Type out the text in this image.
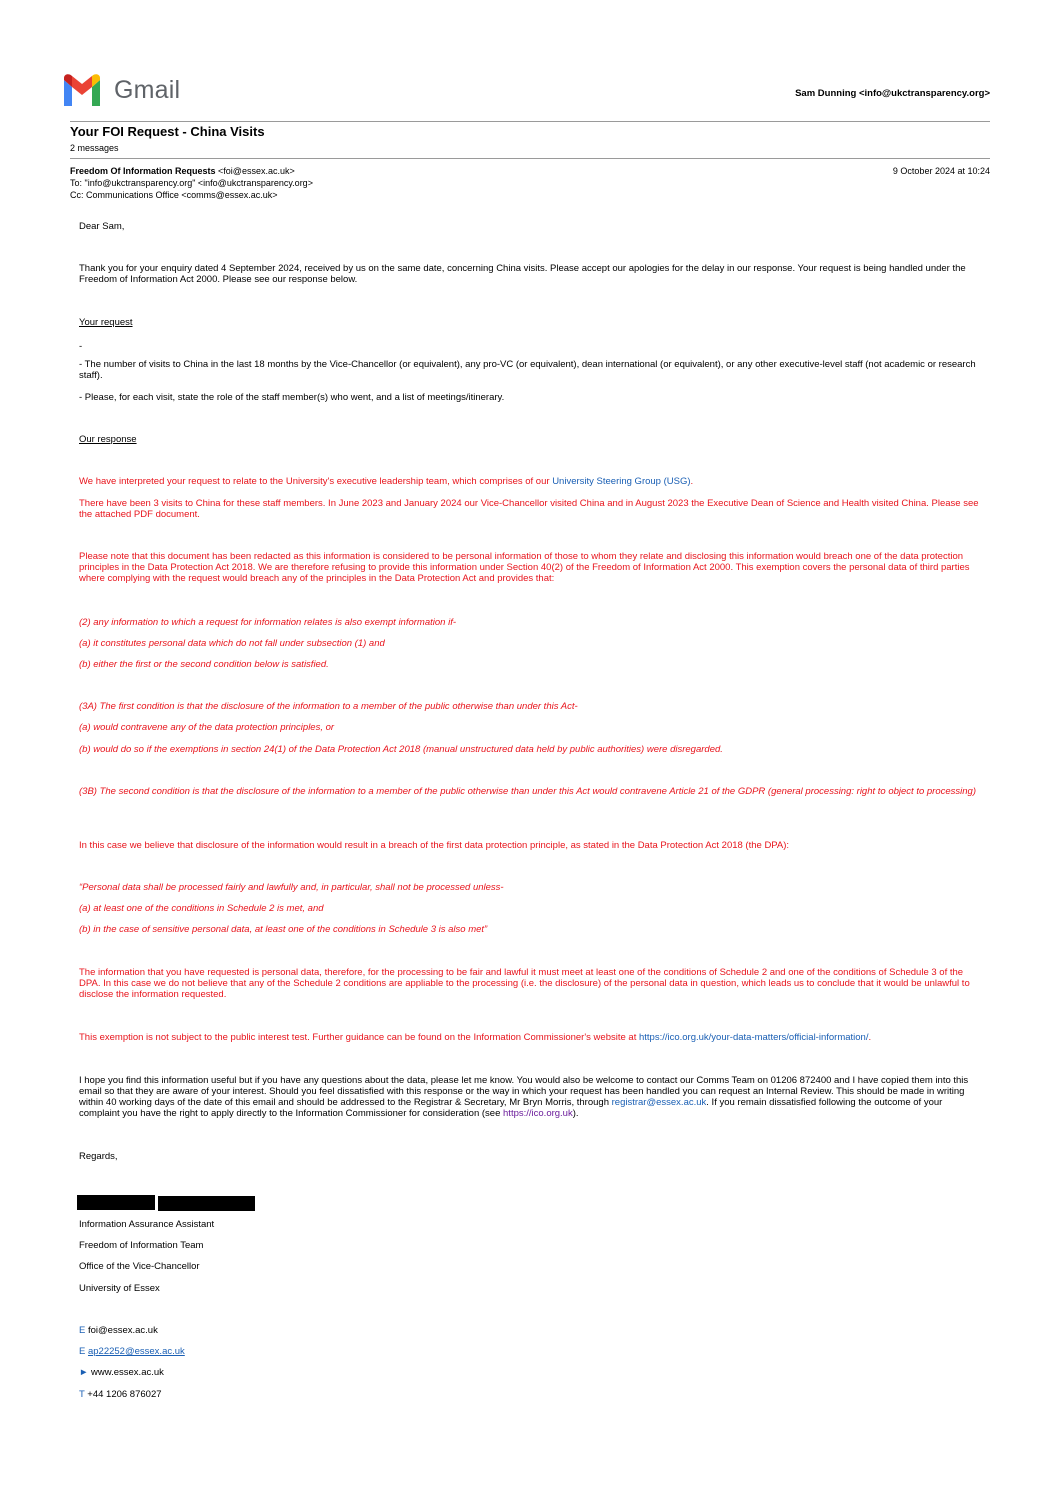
Gmail	Sam Dunning <info@ukctransparency.org>
Your FOI Request - China Visits
2 messages
Freedom Of Information Requests <foi@essex.ac.uk>	9 October 2024 at 10:24
To: "info@ukctransparency.org" <info@ukctransparency.org>
Cc: Communications Office <comms@essex.ac.uk>
Dear Sam,
Thank you for your enquiry dated 4 September 2024, received by us on the same date, concerning China visits. Please accept our apologies for the delay in our response. Your request is being handled under the Freedom of Information Act 2000. Please see our response below.
Your request
-
- The number of visits to China in the last 18 months by the Vice-Chancellor (or equivalent), any pro-VC (or equivalent), dean international (or equivalent), or any other executive-level staff (not academic or research staff).
- Please, for each visit, state the role of the staff member(s) who went, and a list of meetings/itinerary.
Our response
We have interpreted your request to relate to the University's executive leadership team, which comprises of our University Steering Group (USG).
There have been 3 visits to China for these staff members. In June 2023 and January 2024 our Vice-Chancellor visited China and in August 2023 the Executive Dean of Science and Health visited China. Please see the attached PDF document.
Please note that this document has been redacted as this information is considered to be personal information of those to whom they relate and disclosing this information would breach one of the data protection principles in the Data Protection Act 2018. We are therefore refusing to provide this information under Section 40(2) of the Freedom of Information Act 2000. This exemption covers the personal data of third parties where complying with the request would breach any of the principles in the Data Protection Act and provides that:
(2) any information to which a request for information relates is also exempt information if-
(a) it constitutes personal data which do not fall under subsection (1) and
(b) either the first or the second condition below is satisfied.
(3A) The first condition is that the disclosure of the information to a member of the public otherwise than under this Act-
(a) would contravene any of the data protection principles, or
(b) would do so if the exemptions in section 24(1) of the Data Protection Act 2018 (manual unstructured data held by public authorities) were disregarded.
(3B) The second condition is that the disclosure of the information to a member of the public otherwise than under this Act would contravene Article 21 of the GDPR (general processing: right to object to processing)
In this case we believe that disclosure of the information would result in a breach of the first data protection principle, as stated in the Data Protection Act 2018 (the DPA):
“Personal data shall be processed fairly and lawfully and, in particular, shall not be processed unless-
(a) at least one of the conditions in Schedule 2 is met, and
(b) in the case of sensitive personal data, at least one of the conditions in Schedule 3 is also met”
The information that you have requested is personal data, therefore, for the processing to be fair and lawful it must meet at least one of the conditions of Schedule 2 and one of the conditions of Schedule 3 of the DPA. In this case we do not believe that any of the Schedule 2 conditions are appliable to the processing (i.e. the disclosure) of the personal data in question, which leads us to conclude that it would be unlawful to disclose the information requested.
This exemption is not subject to the public interest test. Further guidance can be found on the Information Commissioner's website at https://ico.org.uk/your-data-matters/official-information/.
I hope you find this information useful but if you have any questions about the data, please let me know. You would also be welcome to contact our Comms Team on 01206 872400 and I have copied them into this email so that they are aware of your interest. Should you feel dissatisfied with this response or the way in which your request has been handled you can request an Internal Review. This should be made in writing within 40 working days of the date of this email and should be addressed to the Registrar & Secretary, Mr Bryn Morris, through registrar@essex.ac.uk. If you remain dissatisfied following the outcome of your complaint you have the right to apply directly to the Information Commissioner for consideration (see https://ico.org.uk).
Regards,
Information Assurance Assistant
Freedom of Information Team
Office of the Vice-Chancellor
University of Essex
E foi@essex.ac.uk
E ap22252@essex.ac.uk
► www.essex.ac.uk
T +44 1206 876027
